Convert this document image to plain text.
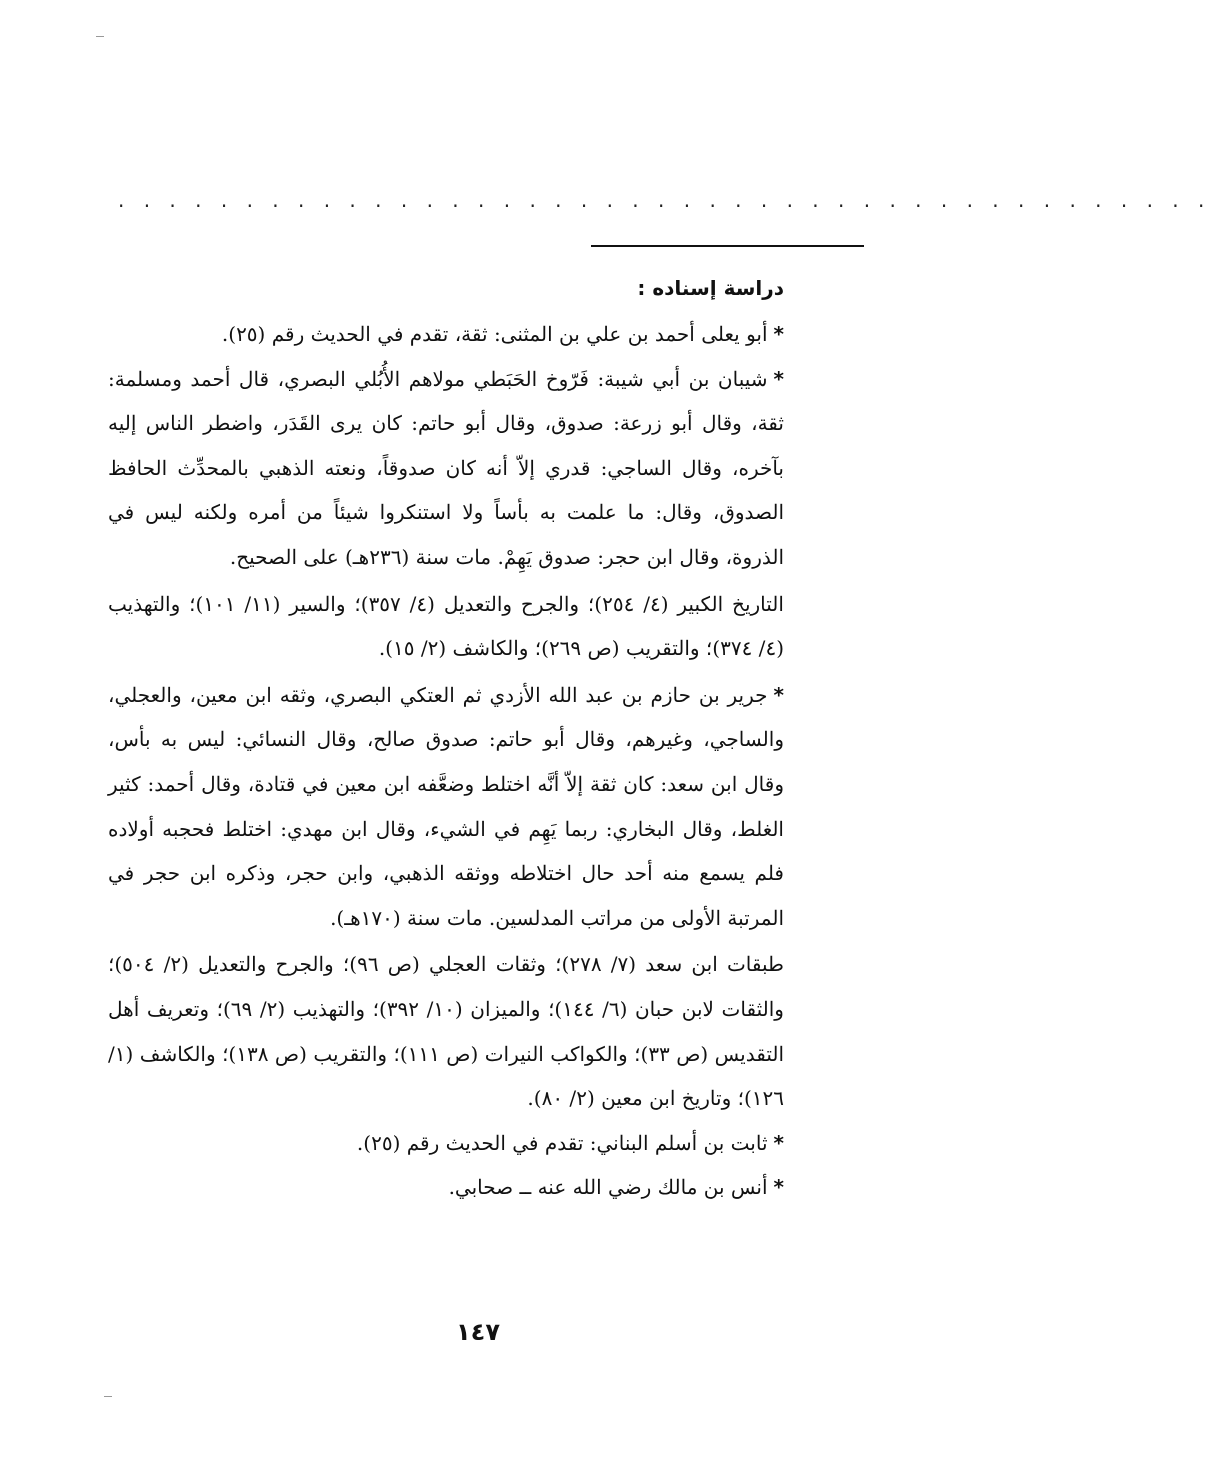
. . . . . . . . . . . . . . . . . . . . . . . . . . . . . . . . . . . . . . . . . . .
دراسة إسناده :

*أبو يعلى أحمد بن علي بن المثنى: ثقة، تقدم في الحديث رقم (٢٥).

*شيبان بن أبي شيبة: فَرّوخ الحَبَطي مولاهم الأُبُلي البصري، قال أحمد ومسلمة: ثقة، وقال أبو زرعة: صدوق، وقال أبو حاتم: كان يرى القَدَر، واضطر الناس إليه بآخره، وقال الساجي: قدري إلاّ أنه كان صدوقاً، ونعته الذهبي بالمحدِّث الحافظ الصدوق، وقال: ما علمت به بأساً ولا استنكروا شيئاً من أمره ولكنه ليس في الذروة، وقال ابن حجر: صدوق يَهِمْ. مات سنة (٢٣٦هـ) على الصحيح.

التاريخ الكبير (٤/ ٢٥٤)؛ والجرح والتعديل (٤/ ٣٥٧)؛ والسير (١١/ ١٠١)؛ والتهذيب (٤/ ٣٧٤)؛ والتقريب (ص ٢٦٩)؛ والكاشف (٢/ ١٥).

*جرير بن حازم بن عبد الله الأزدي ثم العتكي البصري، وثقه ابن معين، والعجلي، والساجي، وغيرهم، وقال أبو حاتم: صدوق صالح، وقال النسائي: ليس به بأس، وقال ابن سعد: كان ثقة إلاّ أنَّه اختلط وضعَّفه ابن معين في قتادة، وقال أحمد: كثير الغلط، وقال البخاري: ربما يَهِم في الشيء، وقال ابن مهدي: اختلط فحجبه أولاده فلم يسمع منه أحد حال اختلاطه ووثقه الذهبي، وابن حجر، وذكره ابن حجر في المرتبة الأولى من مراتب المدلسين. مات سنة (١٧٠هـ).

طبقات ابن سعد (٧/ ٢٧٨)؛ وثقات العجلي (ص ٩٦)؛ والجرح والتعديل (٢/ ٥٠٤)؛ والثقات لابن حبان (٦/ ١٤٤)؛ والميزان (١٠/ ٣٩٢)؛ والتهذيب (٢/ ٦٩)؛ وتعريف أهل التقديس (ص ٣٣)؛ والكواكب النيرات (ص ١١١)؛ والتقريب (ص ١٣٨)؛ والكاشف (١/ ١٢٦)؛ وتاريخ ابن معين (٢/ ٨٠).

*ثابت بن أسلم البناني: تقدم في الحديث رقم (٢٥).

*أنس بن مالك رضي الله عنه ــ صحابي.

١٤٧
